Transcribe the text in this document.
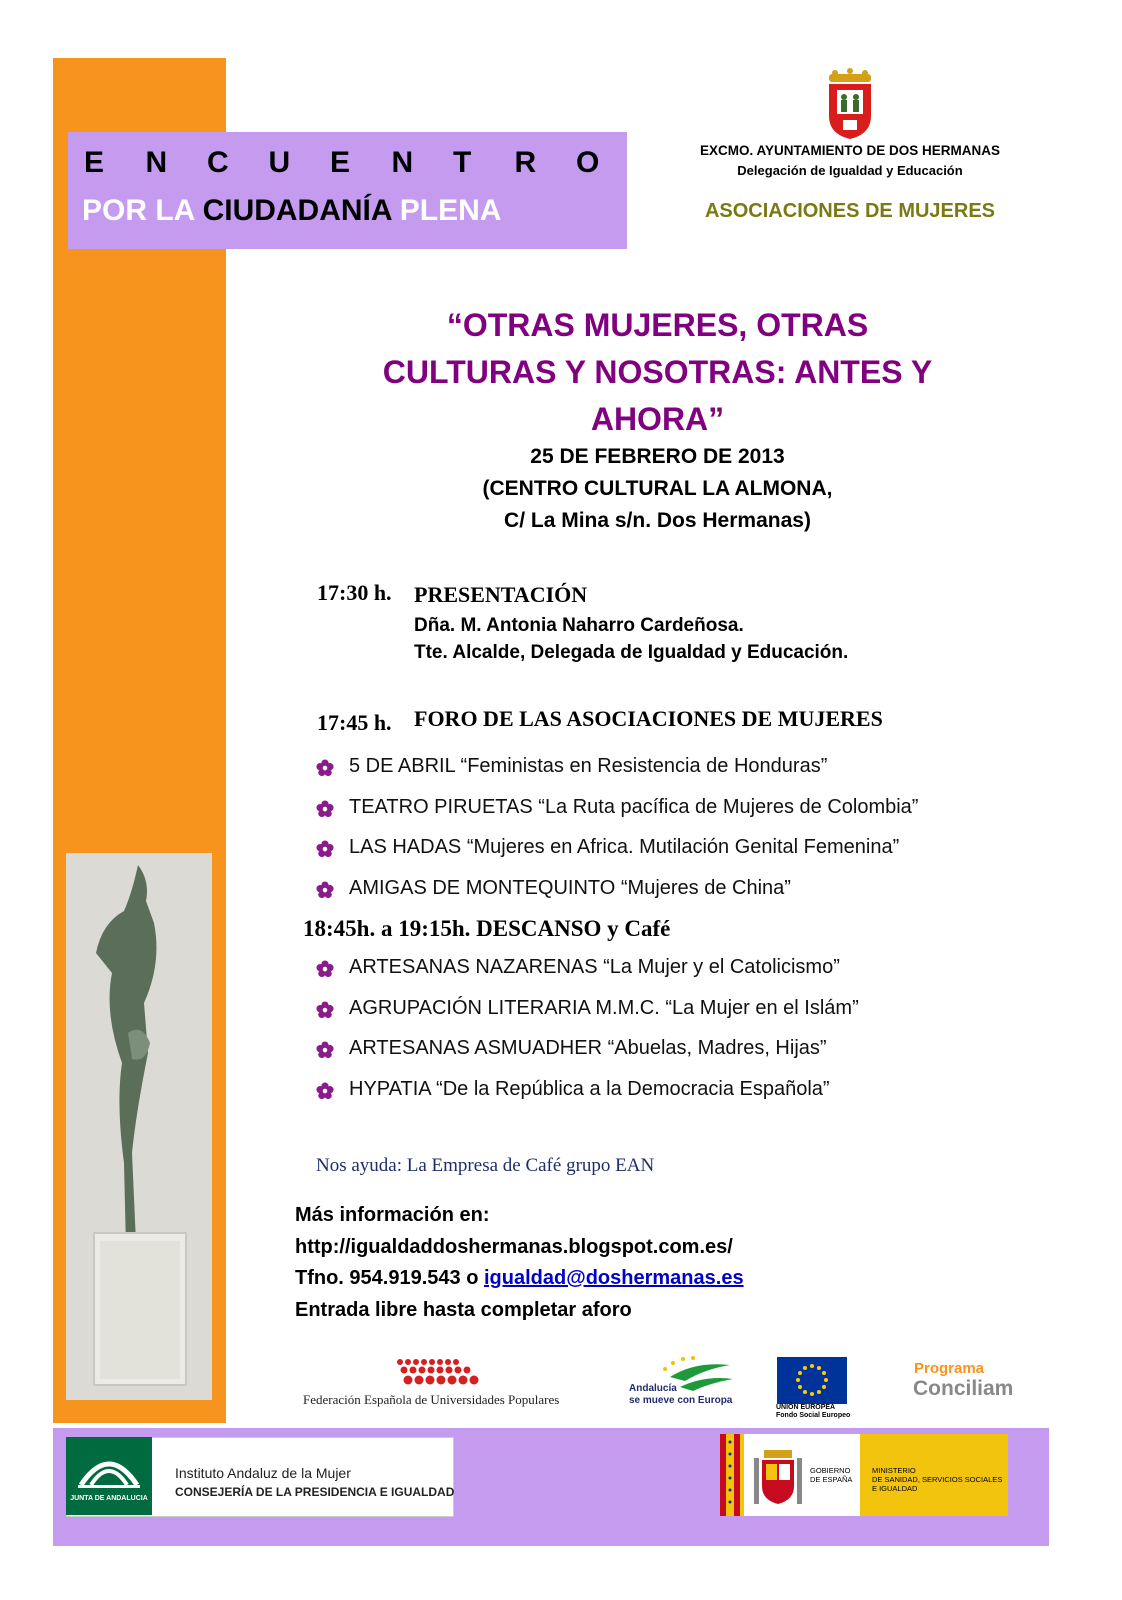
E N C U E N T R O
POR LA CIUDADANÍA PLENA
EXCMO. AYUNTAMIENTO DE DOS HERMANAS
Delegación de Igualdad y Educación
ASOCIACIONES DE MUJERES
“OTRAS MUJERES, OTRAS
CULTURAS Y NOSOTRAS: ANTES Y
AHORA”
25 DE FEBRERO DE 2013
(CENTRO CULTURAL LA ALMONA,
C/ La Mina s/n. Dos Hermanas)
17:30 h. PRESENTACIÓN
Dña. M. Antonia Naharro Cardeñosa.
Tte. Alcalde, Delegada de Igualdad y Educación.
17:45 h. FORO DE LAS ASOCIACIONES DE MUJERES
5 DE ABRIL “Feministas en Resistencia de Honduras”
TEATRO PIRUETAS “La Ruta pacífica de Mujeres de Colombia”
LAS HADAS “Mujeres en Africa. Mutilación Genital Femenina”
AMIGAS DE MONTEQUINTO “Mujeres de China”
18:45h. a 19:15h. DESCANSO y Café
ARTESANAS NAZARENAS “La Mujer y el Catolicismo”
AGRUPACIÓN LITERARIA M.M.C. “La Mujer en el Islám”
ARTESANAS ASMUADHER “Abuelas, Madres, Hijas”
HYPATIA “De la República a la Democracia Española”
Nos ayuda: La Empresa de Café grupo EAN
Más información en:
http://igualdaddoshermanas.blogspot.com.es/
Tfno. 954.919.543 o igualdad@doshermanas.es
Entrada libre hasta completar aforo
Federación Española de Universidades Populares
Andalucía
se mueve con Europa
UNIÓN EUROPEA
Fondo Social Europeo
Programa
Conciliam
JUNTA DE ANDALUCIA
Instituto Andaluz de la Mujer
CONSEJERÍA DE LA PRESIDENCIA E IGUALDAD
GOBIERNO
DE ESPAÑA
MINISTERIO
DE SANIDAD, SERVICIOS SOCIALES
E IGUALDAD
